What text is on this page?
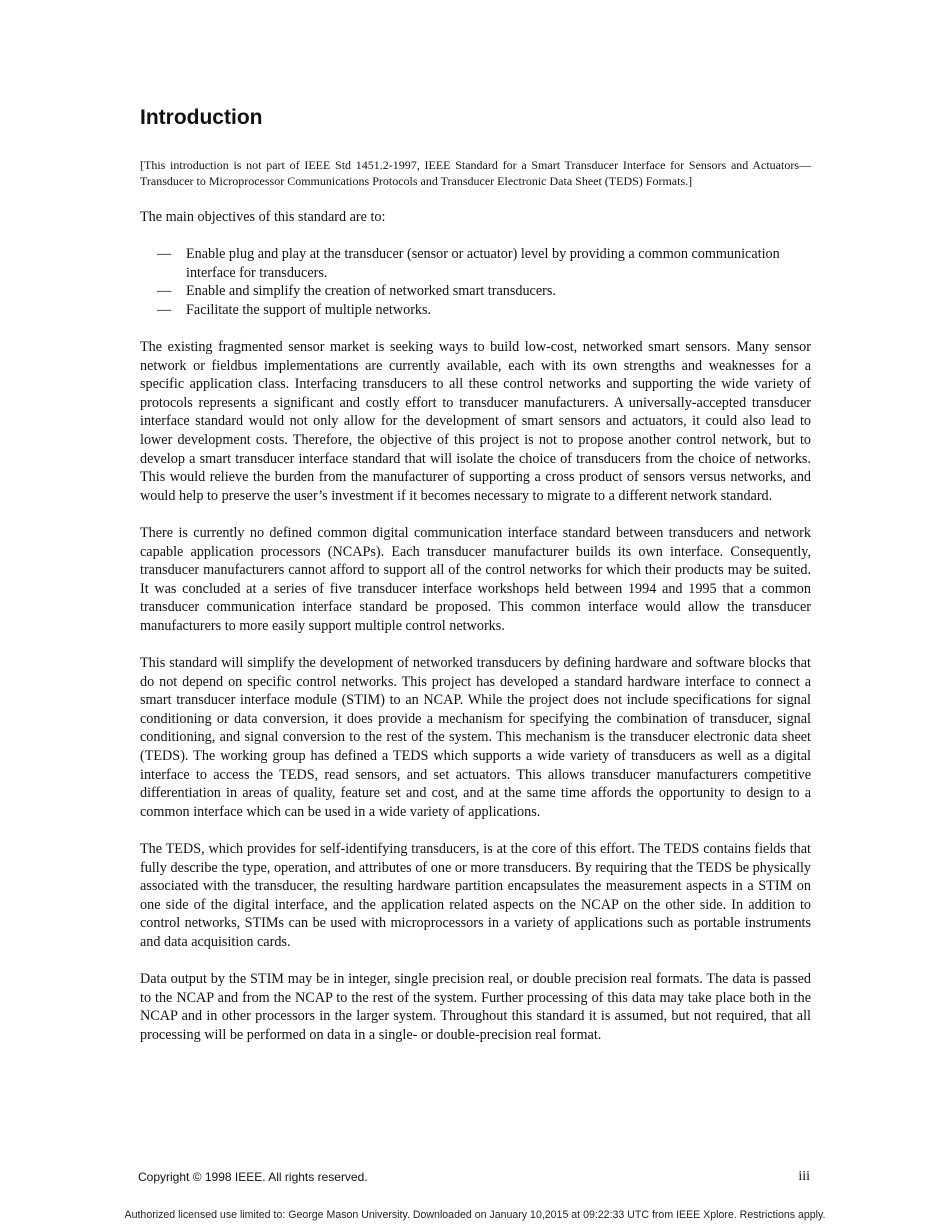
Introduction
[This introduction is not part of IEEE Std 1451.2-1997, IEEE Standard for a Smart Transducer Interface for Sensors and Actuators—Transducer to Microprocessor Communications Protocols and Transducer Electronic Data Sheet (TEDS) Formats.]

The main objectives of this standard are to:

— Enable plug and play at the transducer (sensor or actuator) level by providing a common communication interface for transducers.
— Enable and simplify the creation of networked smart transducers.
— Facilitate the support of multiple networks.

The existing fragmented sensor market is seeking ways to build low-cost, networked smart sensors. Many sensor network or fieldbus implementations are currently available, each with its own strengths and weaknesses for a specific application class. Interfacing transducers to all these control networks and supporting the wide variety of protocols represents a significant and costly effort to transducer manufacturers. A universally-accepted transducer interface standard would not only allow for the development of smart sensors and actuators, it could also lead to lower development costs. Therefore, the objective of this project is not to propose another control network, but to develop a smart transducer interface standard that will isolate the choice of transducers from the choice of networks. This would relieve the burden from the manufacturer of supporting a cross product of sensors versus networks, and would help to preserve the user’s investment if it becomes necessary to migrate to a different network standard.

There is currently no defined common digital communication interface standard between transducers and network capable application processors (NCAPs). Each transducer manufacturer builds its own interface. Consequently, transducer manufacturers cannot afford to support all of the control networks for which their products may be suited. It was concluded at a series of five transducer interface workshops held between 1994 and 1995 that a common transducer communication interface standard be proposed. This common interface would allow the transducer manufacturers to more easily support multiple control networks.

This standard will simplify the development of networked transducers by defining hardware and software blocks that do not depend on specific control networks. This project has developed a standard hardware interface to connect a smart transducer interface module (STIM) to an NCAP. While the project does not include specifications for signal conditioning or data conversion, it does provide a mechanism for specifying the combination of transducer, signal conditioning, and signal conversion to the rest of the system. This mechanism is the transducer electronic data sheet (TEDS). The working group has defined a TEDS which supports a wide variety of transducers as well as a digital interface to access the TEDS, read sensors, and set actuators. This allows transducer manufacturers competitive differentiation in areas of quality, feature set and cost, and at the same time affords the opportunity to design to a common interface which can be used in a wide variety of applications.

The TEDS, which provides for self-identifying transducers, is at the core of this effort. The TEDS contains fields that fully describe the type, operation, and attributes of one or more transducers. By requiring that the TEDS be physically associated with the transducer, the resulting hardware partition encapsulates the measurement aspects in a STIM on one side of the digital interface, and the application related aspects on the NCAP on the other side. In addition to control networks, STIMs can be used with microprocessors in a variety of applications such as portable instruments and data acquisition cards.

Data output by the STIM may be in integer, single precision real, or double precision real formats. The data is passed to the NCAP and from the NCAP to the rest of the system. Further processing of this data may take place both in the NCAP and in other processors in the larger system. Throughout this standard it is assumed, but not required, that all processing will be performed on data in a single- or double-precision real format.

Copyright © 1998 IEEE. All rights reserved.	iii
Authorized licensed use limited to: George Mason University. Downloaded on January 10,2015 at 09:22:33 UTC from IEEE Xplore. Restrictions apply.
